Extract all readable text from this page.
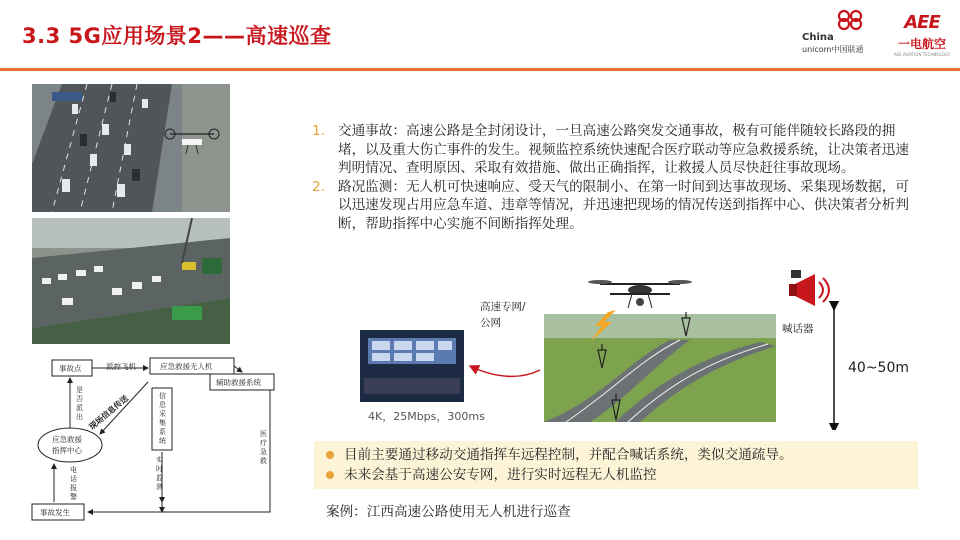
3.3 5G应用场景2——高速巡查	China
unicom中国联通
AEE
一电航空
AEE AVIATION TECHNOLOGY
事故点	应急救援无人机
辅助救援系统
应急救援
指挥中心
事故发生
派控飞机
信息采集系统
是否派出
电话报警
实时监测
医疗急救
现场信息传送
1. 交通事故：高速公路是全封闭设计，一旦高速公路突发交通事故，极有可能伴随较长路段的拥堵，以及重大伤亡事件的发生。视频监控系统快速配合医疗联动等应急救援系统，让决策者迅速判明情况、查明原因、采取有效措施、做出正确指挥，让救援人员尽快赶往事故现场。
2. 路况监测：无人机可快速响应、受天气的限制小、在第一时间到达事故现场、采集现场数据，可以迅速发现占用应急车道、违章等情况，并迅速把现场的情况传送到指挥中心、供决策者分析判断，帮助指挥中心实施不间断指挥处理。
高速专网/
公网
4K，25Mbps，300ms
喊话器
40~50m
目前主要通过移动交通指挥车远程控制，并配合喊话系统，类似交通疏导。
未来会基于高速公安专网，进行实时远程无人机监控
案例：江西高速公路使用无人机进行巡查
